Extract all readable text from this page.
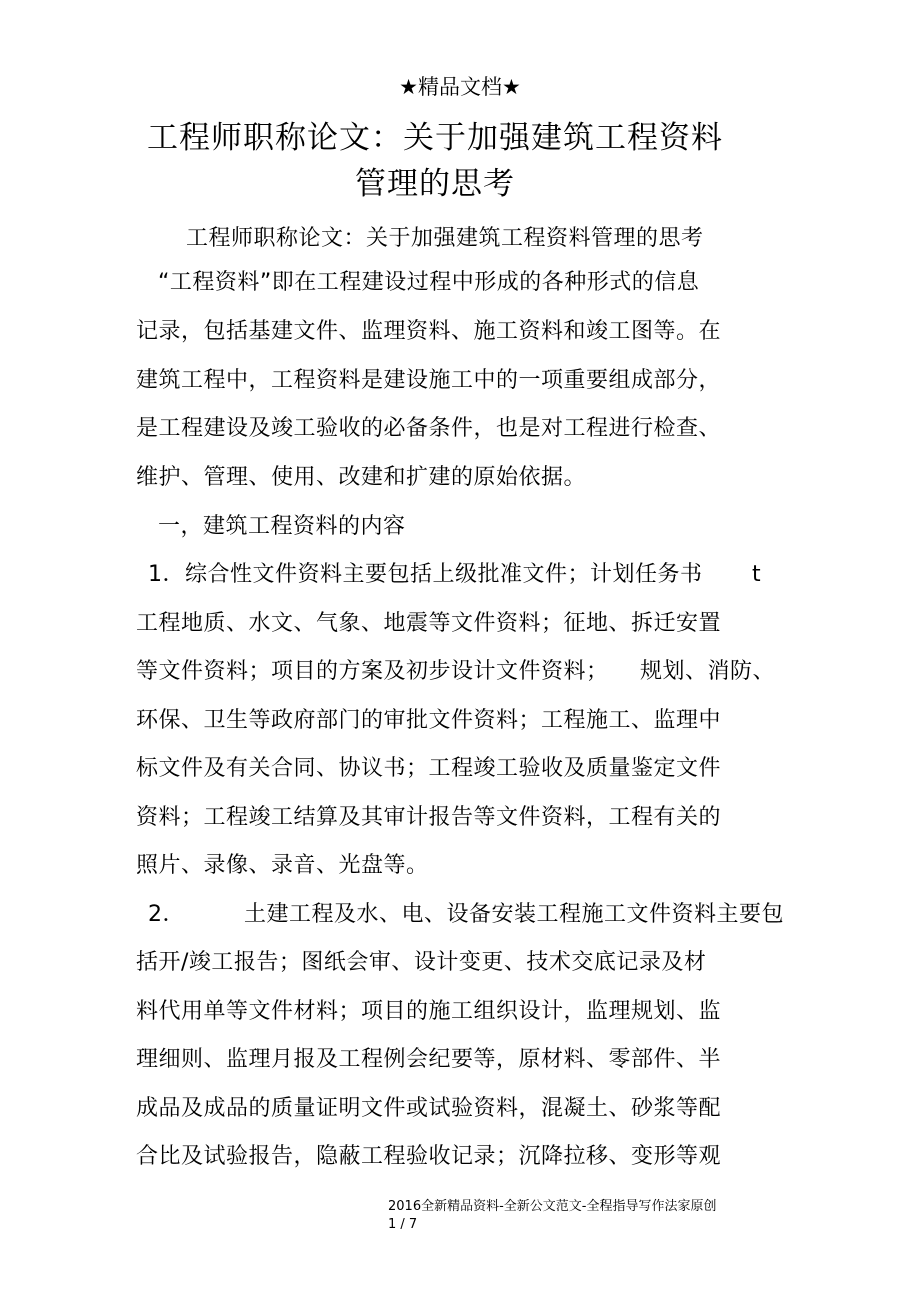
★精品文档★
工程师职称论文：关于加强建筑工程资料
管理的思考
工程师职称论文：关于加强建筑工程资料管理的思考
“工程资料”即在工程建设过程中形成的各种形式的信息
记录，包括基建文件、监理资料、施工资料和竣工图等。在
建筑工程中，工程资料是建设施工中的一项重要组成部分，
是工程建设及竣工验收的必备条件，也是对工程进行检查、
维护、管理、使用、改建和扩建的原始依据。
一，建筑工程资料的内容
1．综合性文件资料主要包括上级批准文件；计划任务书 t
工程地质、水文、气象、地震等文件资料；征地、拆迁安置
等文件资料；项目的方案及初步设计文件资料； 规划、消防、
环保、卫生等政府部门的审批文件资料；工程施工、监理中
标文件及有关合同、协议书；工程竣工验收及质量鉴定文件
资料；工程竣工结算及其审计报告等文件资料，工程有关的
照片、录像、录音、光盘等。
2．	土建工程及水、电、设备安装工程施工文件资料主要包
括开/竣工报告；图纸会审、设计变更、技术交底记录及材
料代用单等文件材料；项目的施工组织设计，监理规划、监
理细则、监理月报及工程例会纪要等，原材料、零部件、半
成品及成品的质量证明文件或试验资料，混凝土、砂浆等配
合比及试验报告，隐蔽工程验收记录；沉降拉移、变形等观
2016全新精品资料-全新公文范文-全程指导写作法家原创
1 / 7
